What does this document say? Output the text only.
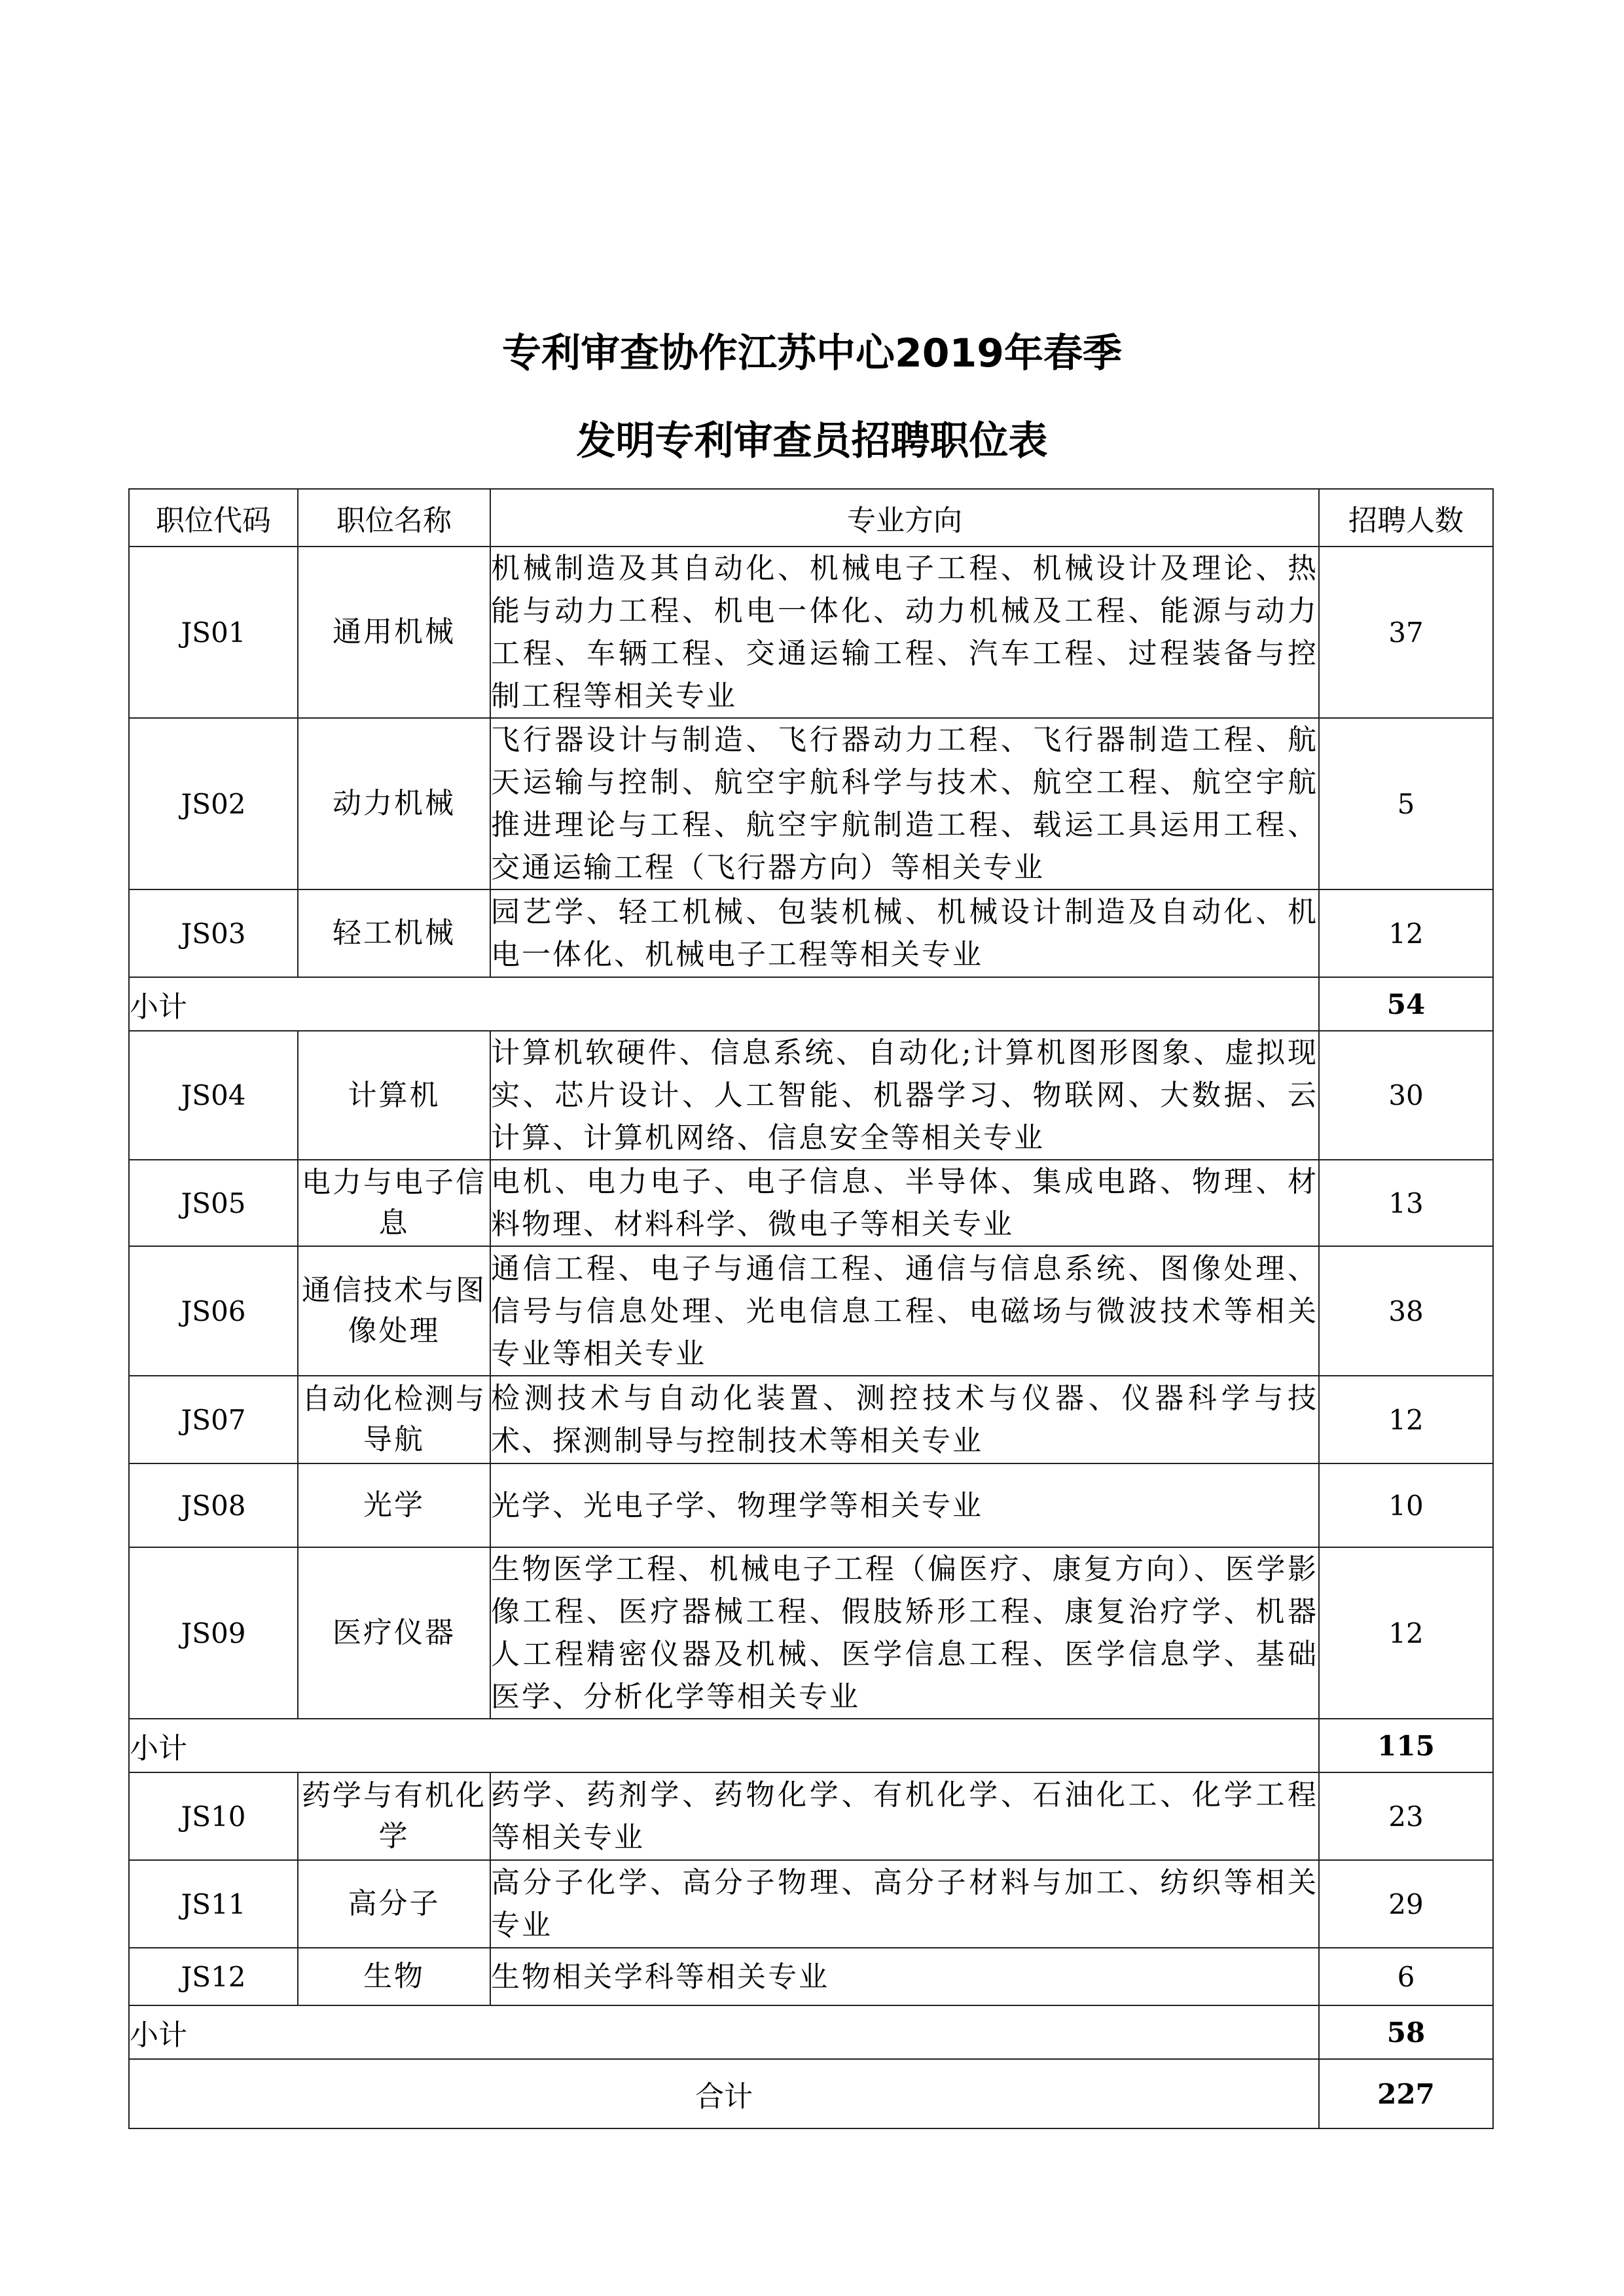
专利审查协作江苏中心2019年春季
发明专利审查员招聘职位表
职位代码	职位名称	专业方向	招聘人数
JS01	通用机械	机械制造及其自动化、机械电子工程、机械设计及理论、热能与动力工程、机电一体化、动力机械及工程、能源与动力工程、车辆工程、交通运输工程、汽车工程、过程装备与控制工程等相关专业	37
JS02	动力机械	飞行器设计与制造、飞行器动力工程、飞行器制造工程、航天运输与控制、航空宇航科学与技术、航空工程、航空宇航推进理论与工程、航空宇航制造工程、载运工具运用工程、交通运输工程（飞行器方向）等相关专业	5
JS03	轻工机械	园艺学、轻工机械、包装机械、机械设计制造及自动化、机电一体化、机械电子工程等相关专业	12
小计			54
JS04	计算机	计算机软硬件、信息系统、自动化;计算机图形图象、虚拟现实、芯片设计、人工智能、机器学习、物联网、大数据、云计算、计算机网络、信息安全等相关专业	30
JS05	电力与电子信息	电机、电力电子、电子信息、半导体、集成电路、物理、材料物理、材料科学、微电子等相关专业	13
JS06	通信技术与图像处理	通信工程、电子与通信工程、通信与信息系统、图像处理、信号与信息处理、光电信息工程、电磁场与微波技术等相关专业等相关专业	38
JS07	自动化检测与导航	检测技术与自动化装置、测控技术与仪器、仪器科学与技术、探测制导与控制技术等相关专业	12
JS08	光学	光学、光电子学、物理学等相关专业	10
JS09	医疗仪器	生物医学工程、机械电子工程（偏医疗、康复方向）、医学影像工程、医疗器械工程、假肢矫形工程、康复治疗学、机器人工程精密仪器及机械、医学信息工程、医学信息学、基础医学、分析化学等相关专业	12
小计			115
JS10	药学与有机化学	药学、药剂学、药物化学、有机化学、石油化工、化学工程等相关专业	23
JS11	高分子	高分子化学、高分子物理、高分子材料与加工、纺织等相关专业	29
JS12	生物	生物相关学科等相关专业	6
小计			58
合计			227
